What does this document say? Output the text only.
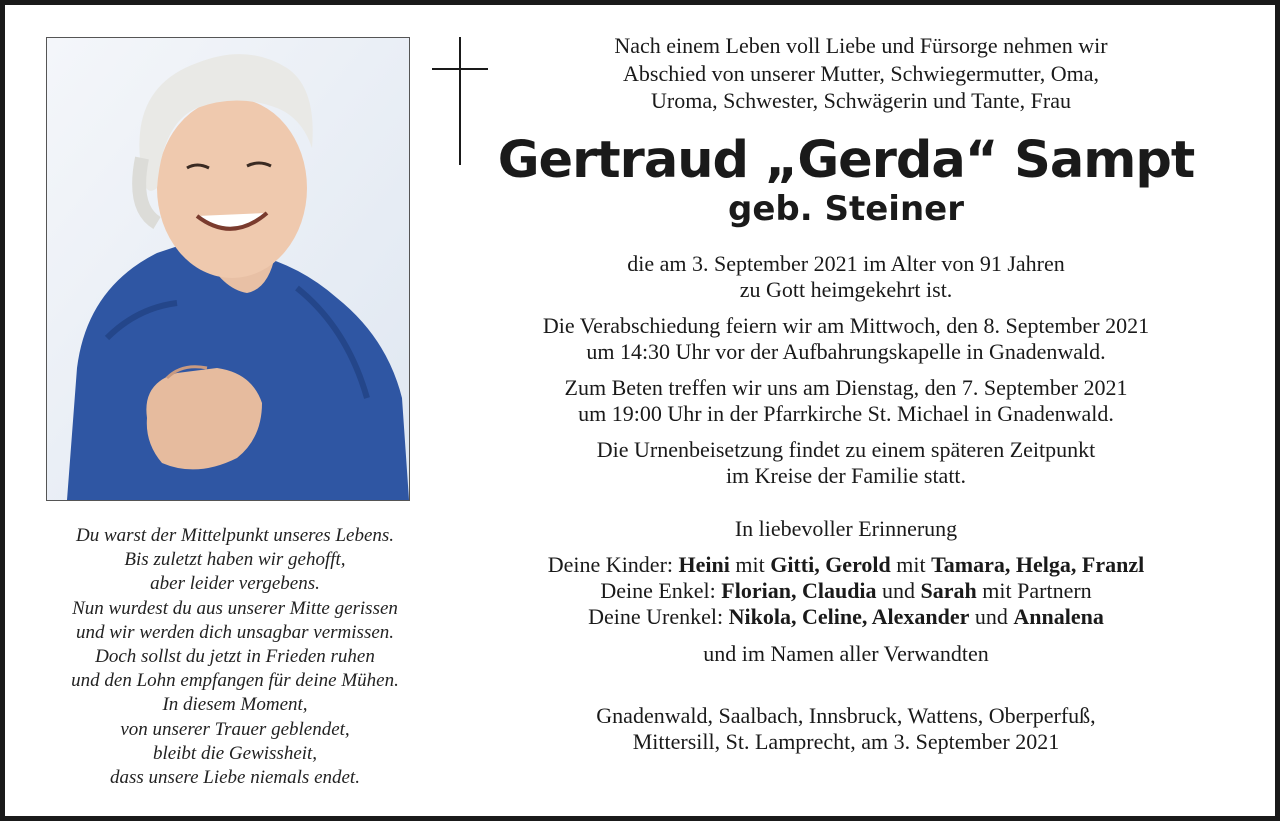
Du warst der Mittelpunkt unseres Lebens.
Bis zuletzt haben wir gehofft,
aber leider vergebens.
Nun wurdest du aus unserer Mitte gerissen
und wir werden dich unsagbar vermissen.
Doch sollst du jetzt in Frieden ruhen
und den Lohn empfangen für deine Mühen.
In diesem Moment,
von unserer Trauer geblendet,
bleibt die Gewissheit,
dass unsere Liebe niemals endet.
Nach einem Leben voll Liebe und Fürsorge nehmen wir
Abschied von unserer Mutter, Schwiegermutter, Oma,
Uroma, Schwester, Schwägerin und Tante, Frau
Gertraud „Gerda“ Sampt
geb. Steiner
die am 3. September 2021 im Alter von 91 Jahren
zu Gott heimgekehrt ist.
Die Verabschiedung feiern wir am Mittwoch, den 8. September 2021
um 14:30 Uhr vor der Aufbahrungskapelle in Gnadenwald.
Zum Beten treffen wir uns am Dienstag, den 7. September 2021
um 19:00 Uhr in der Pfarrkirche St. Michael in Gnadenwald.
Die Urnenbeisetzung findet zu einem späteren Zeitpunkt
im Kreise der Familie statt.
In liebevoller Erinnerung
Deine Kinder: Heini mit Gitti, Gerold mit Tamara, Helga, Franzl
Deine Enkel: Florian, Claudia und Sarah mit Partnern
Deine Urenkel: Nikola, Celine, Alexander und Annalena
und im Namen aller Verwandten
Gnadenwald, Saalbach, Innsbruck, Wattens, Oberperfuß,
Mittersill, St. Lamprecht, am 3. September 2021
